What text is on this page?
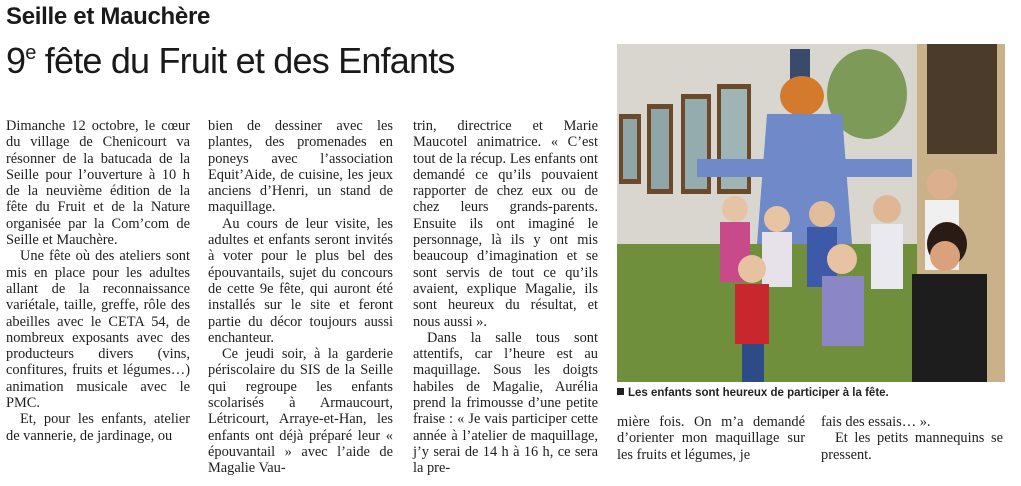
Seille et Mauchère
9e fête du Fruit et des Enfants

Dimanche 12 octobre, le cœur du village de Chenicourt va résonner de la batucada de la Seille pour l’ouverture à 10 h de la neuvième édition de la fête du Fruit et de la Nature organisée par la Com’com de Seille et Mauchère.

Une fête où des ateliers sont mis en place pour les adultes allant de la reconnaissance variétale, taille, greffe, rôle des abeilles avec le CETA 54, de nombreux exposants avec des producteurs divers (vins, confitures, fruits et légumes…) animation musicale avec le PMC.

Et, pour les enfants, atelier de vannerie, de jardinage, ou

bien de dessiner avec les plantes, des promenades en poneys avec l’association Equit’Aide, de cuisine, les jeux anciens d’Henri, un stand de maquillage.

Au cours de leur visite, les adultes et enfants seront invités à voter pour le plus bel des épouvantails, sujet du concours de cette 9e fête, qui auront été installés sur le site et feront partie du décor toujours aussi enchanteur.

Ce jeudi soir, à la garderie périscolaire du SIS de la Seille qui regroupe les enfants scolarisés à Armaucourt, Létricourt, Arraye-et-Han, les enfants ont déjà préparé leur « épouvantail » avec l’aide de Magalie Vau-

trin, directrice et Marie Maucotel animatrice. « C’est tout de la récup. Les enfants ont demandé ce qu’ils pouvaient rapporter de chez eux ou de chez leurs grands-parents. Ensuite ils ont imaginé le personnage, là ils y ont mis beaucoup d’imagination et se sont servis de tout ce qu’ils avaient, explique Magalie, ils sont heureux du résultat, et nous aussi ».

Dans la salle tous sont attentifs, car l’heure est au maquillage. Sous les doigts habiles de Magalie, Aurélia prend la frimousse d’une petite fraise : « Je vais participer cette année à l’atelier de maquillage, j’y serai de 14 h à 16 h, ce sera la pre-

Les enfants sont heureux de participer à la fête.

mière fois. On m’a demandé d’orienter mon maquillage sur les fruits et légumes, je

fais des essais… ».

Et les petits mannequins se pressent.
